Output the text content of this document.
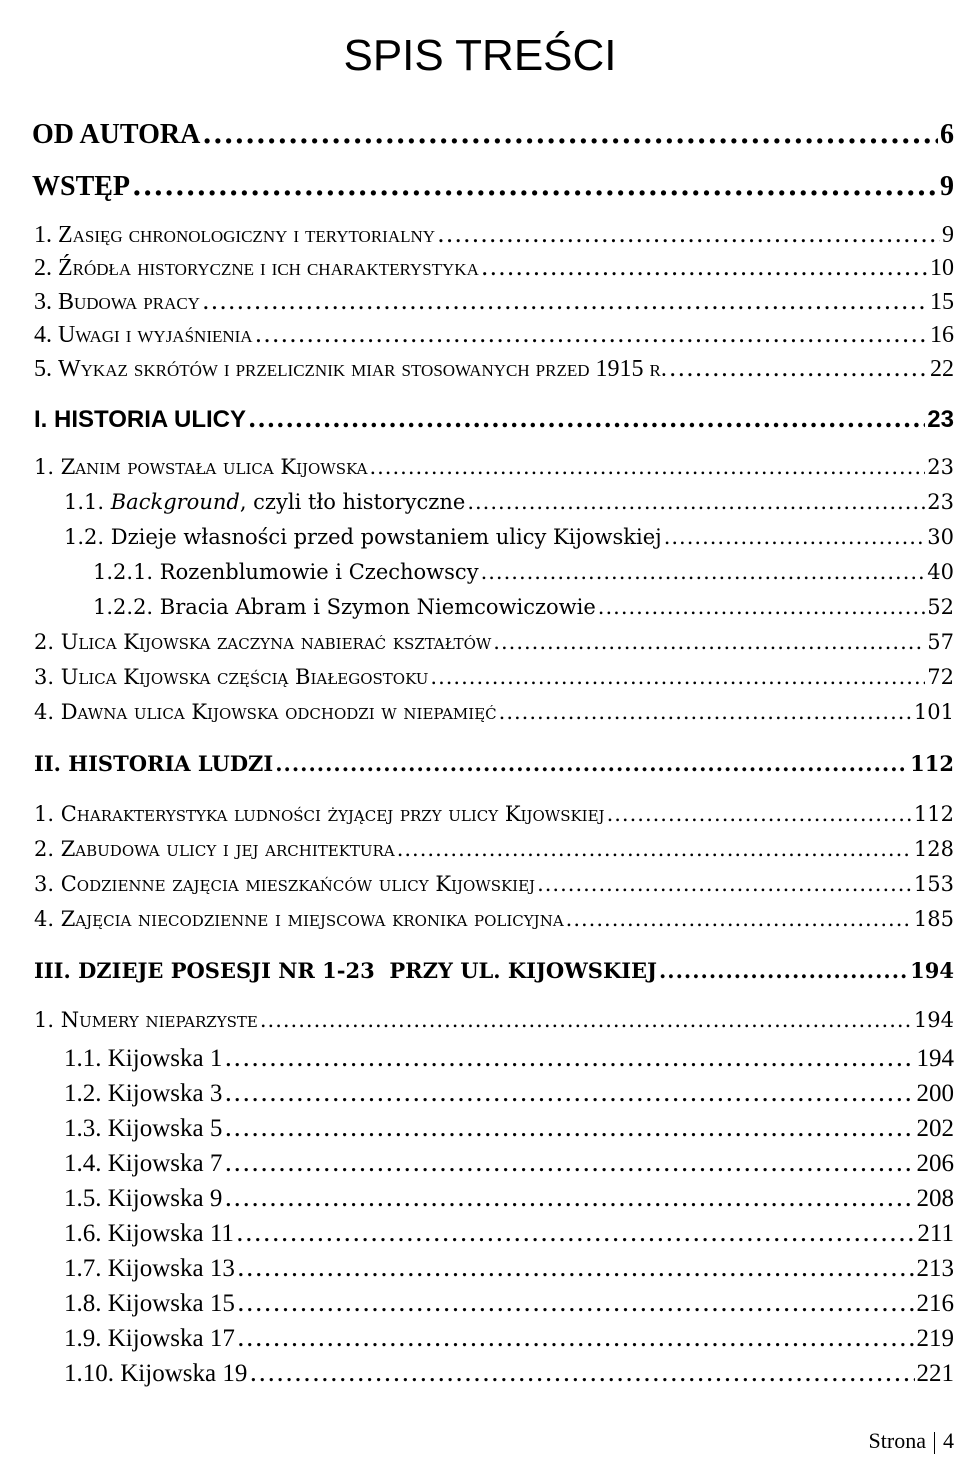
SPIS TREŚCI
OD AUTORA .....	6
WSTĘP .....	9
1. Zasięg chronologiczny i terytorialny .....	9
2. Źródła historyczne i ich charakterystyka .....	10
3. Budowa pracy .....	15
4. Uwagi i wyjaśnienia .....	16
5. Wykaz skrótów i przelicznik miar stosowanych przed 1915 r. .....	22
I. HISTORIA ULICY .....	23
1. Zanim powstała ulica Kijowska .....	23
1.1. Background, czyli tło historyczne .....	23
1.2. Dzieje własności przed powstaniem ulicy Kijowskiej .....	30
1.2.1. Rozenblumowie i Czechowscy .....	40
1.2.2. Bracia Abram i Szymon Niemcowiczowie .....	52
2. Ulica Kijowska zaczyna nabierać kształtów .....	57
3. Ulica Kijowska częścią Białegostoku .....	72
4. Dawna ulica Kijowska odchodzi w niepamięć .....	101
II. HISTORIA LUDZI .....	112
1. Charakterystyka ludności żyjącej przy ulicy Kijowskiej .....	112
2. Zabudowa ulicy i jej architektura .....	128
3. Codzienne zajęcia mieszkańców ulicy Kijowskiej .....	153
4. Zajęcia niecodzienne i miejscowa kronika policyjna .....	185
III. DZIEJE POSESJI NR 1-23  PRZY UL. KIJOWSKIEJ .....	194
1. Numery nieparzyste .....	194
1.1. Kijowska 1 .....	194
1.2. Kijowska 3 .....	200
1.3. Kijowska 5 .....	202
1.4. Kijowska 7 .....	206
1.5. Kijowska 9 .....	208
1.6. Kijowska 11 .....	211
1.7. Kijowska 13 .....	213
1.8. Kijowska 15 .....	216
1.9. Kijowska 17 .....	219
1.10. Kijowska 19 .....	221
Strona 4
